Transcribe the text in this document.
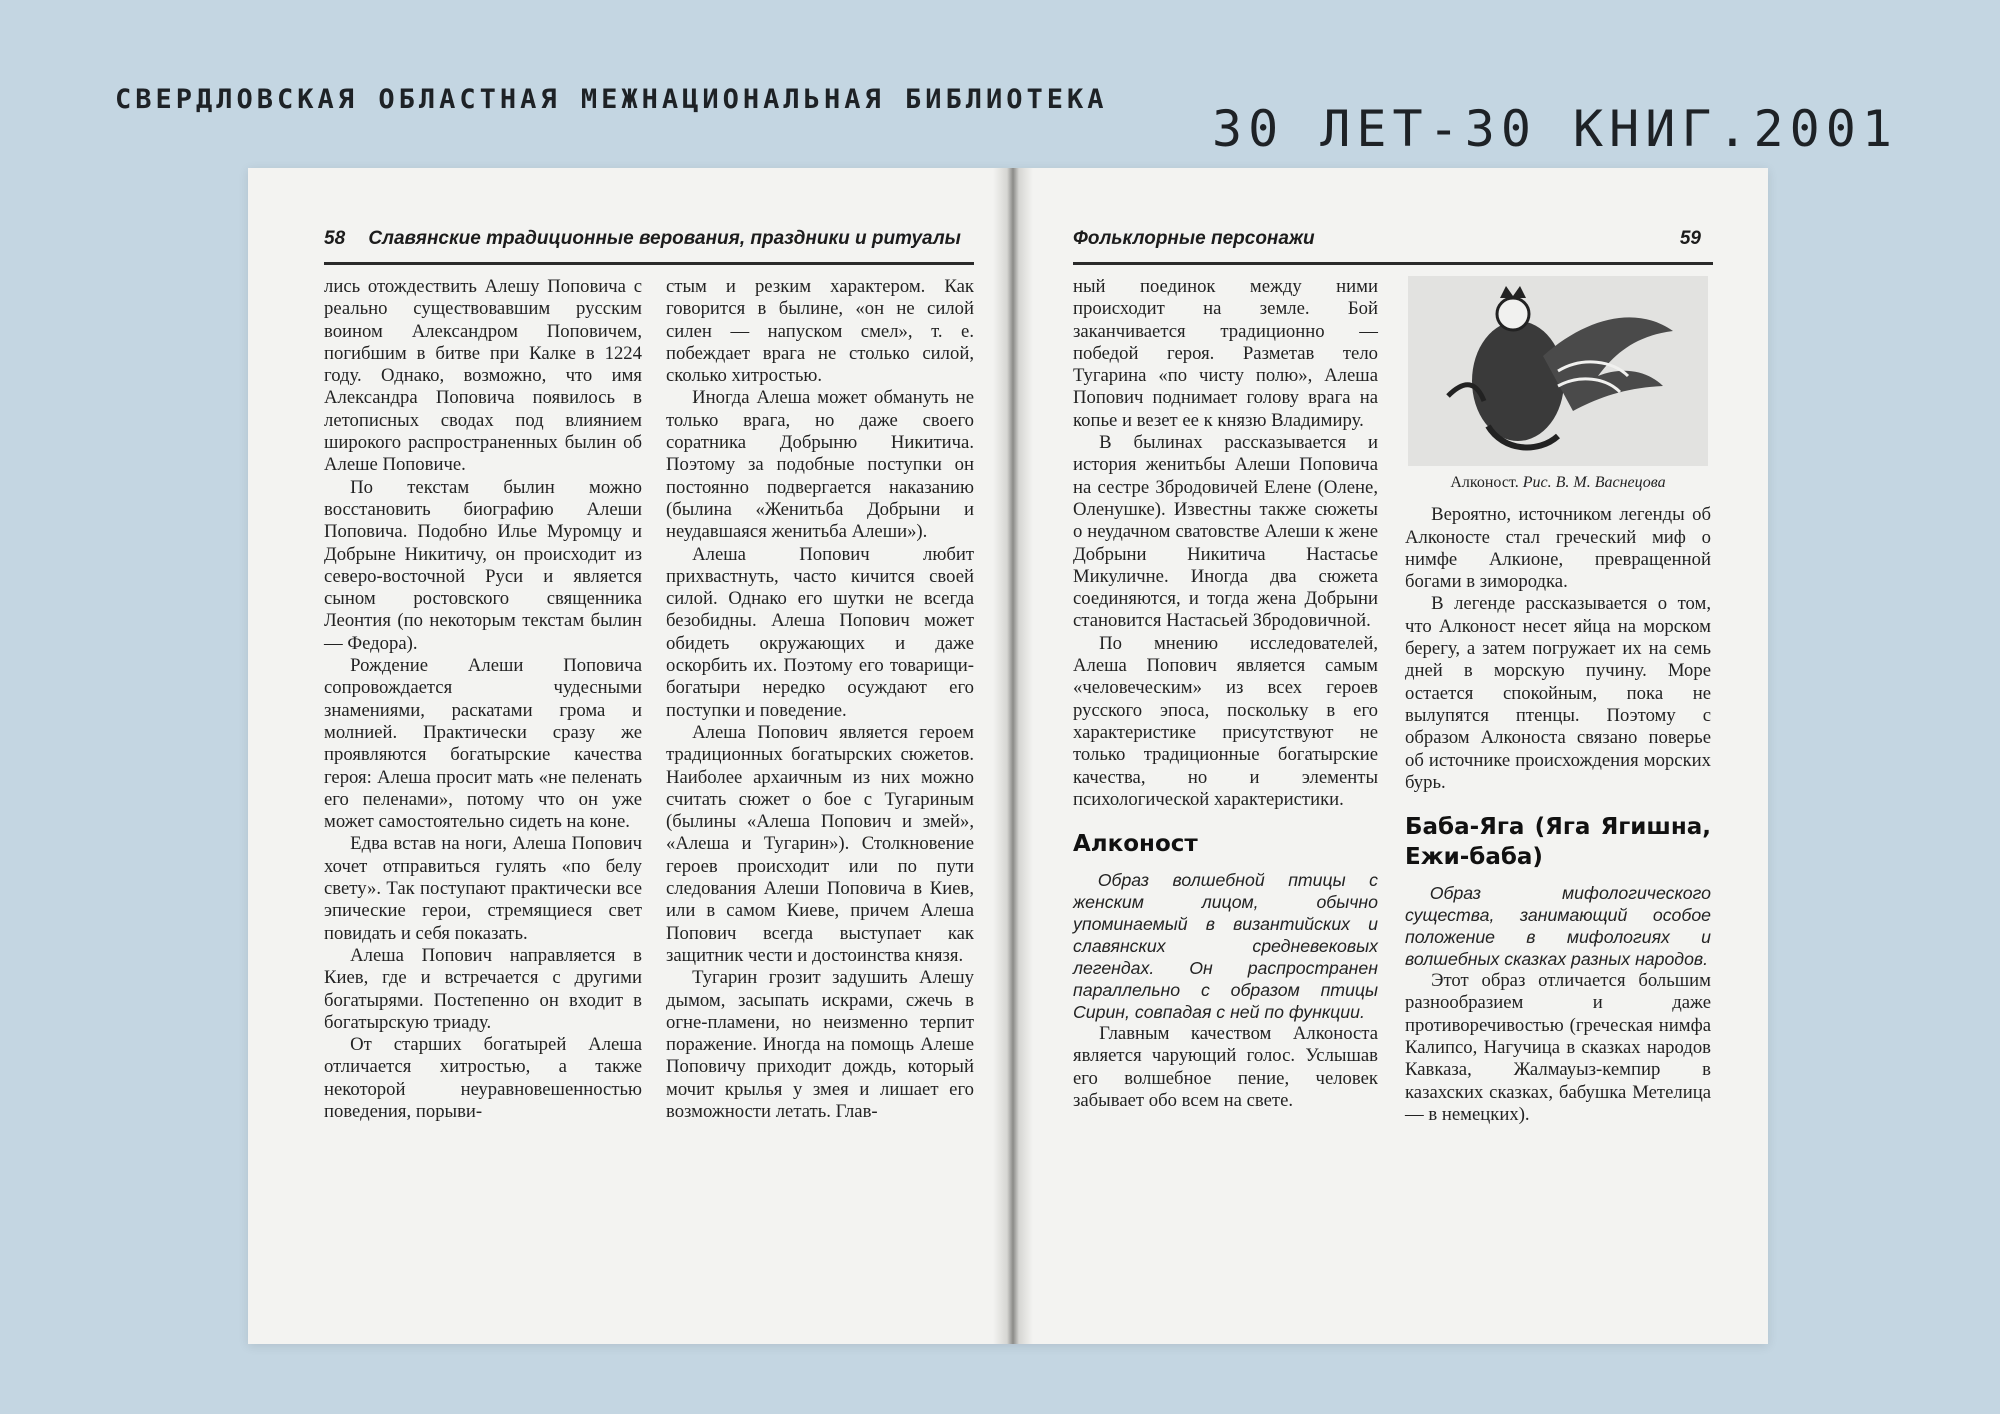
СВЕРДЛОВСКАЯ ОБЛАСТНАЯ МЕЖНАЦИОНАЛЬНАЯ БИБЛИОТЕКА
30 ЛЕТ-30 КНИГ.2001
58 Славянские традиционные верования, праздники и ритуалы

лись отождествить Алешу Поповича с реально существовавшим русским воином Александром Поповичем, погибшим в битве при Калке в 1224 году. Однако, возможно, что имя Александра Поповича появилось в летописных сводах под влиянием широкого распространенных былин об Алеше Поповиче.

По текстам былин можно восстановить биографию Алеши Поповича. Подобно Илье Муромцу и Добрыне Никитичу, он происходит из северо-восточной Руси и является сыном ростовского священника Леонтия (по некоторым текстам былин — Федора).

Рождение Алеши Поповича сопровождается чудесными знамениями, раскатами грома и молнией. Практически сразу же проявляются богатырские качества героя: Алеша просит мать «не пеленать его пеленами», потому что он уже может самостоятельно сидеть на коне.

Едва встав на ноги, Алеша Попович хочет отправиться гулять «по белу свету». Так поступают практически все эпические герои, стремящиеся свет повидать и себя показать.

Алеша Попович направляется в Киев, где и встречается с другими богатырями. Постепенно он входит в богатырскую триаду.

От старших богатырей Алеша отличается хитростью, а также некоторой неуравновешенностью поведения, порыви-

стым и резким характером. Как говорится в былине, «он не силой силен — напуском смел», т. е. побеждает врага не столько силой, сколько хитростью.

Иногда Алеша может обмануть не только врага, но даже своего соратника Добрыню Никитича. Поэтому за подобные поступки он постоянно подвергается наказанию (былина «Женитьба Добрыни и неудавшаяся женитьба Алеши»).

Алеша Попович любит прихвастнуть, часто кичится своей силой. Однако его шутки не всегда безобидны. Алеша Попович может обидеть окружающих и даже оскорбить их. Поэтому его товарищи-богатыри нередко осуждают его поступки и поведение.

Алеша Попович является героем традиционных богатырских сюжетов. Наиболее архаичным из них можно считать сюжет о бое с Тугариным (былины «Алеша Попович и змей», «Алеша и Тугарин»). Столкновение героев происходит или по пути следования Алеши Поповича в Киев, или в самом Киеве, причем Алеша Попович всегда выступает как защитник чести и достоинства князя.

Тугарин грозит задушить Алешу дымом, засыпать искрами, сжечь в огне-пламени, но неизменно терпит поражение. Иногда на помощь Алеше Поповичу приходит дождь, который мочит крылья у змея и лишает его возможности летать. Глав-

Фольклорные персонажи	59

ный поединок между ними происходит на земле. Бой заканчивается традиционно — победой героя. Разметав тело Тугарина «по чисту полю», Алеша Попович поднимает голову врага на копье и везет ее к князю Владимиру.

В былинах рассказывается и история женитьбы Алеши Поповича на сестре Збродовичей Елене (Олене, Оленушке). Известны также сюжеты о неудачном сватовстве Алеши к жене Добрыни Никитича Настасье Микуличне. Иногда два сюжета соединяются, и тогда жена Добрыни становится Настасьей Збродовичной.

По мнению исследователей, Алеша Попович является самым «человеческим» из всех героев русского эпоса, поскольку в его характеристике присутствуют не только традиционные богатырские качества, но и элементы психологической характеристики.

Алконост

Образ волшебной птицы с женским лицом, обычно упоминаемый в византийских и славянских средневековых легендах. Он распространен параллельно с образом птицы Сирин, совпадая с ней по функции.

Главным качеством Алконоста является чарующий голос. Услышав его волшебное пение, человек забывает обо всем на свете.

Алконост. Рис. В. М. Васнецова

Вероятно, источником легенды об Алконосте стал греческий миф о нимфе Алкионе, превращенной богами в зимородка.

В легенде рассказывается о том, что Алконост несет яйца на морском берегу, а затем погружает их на семь дней в морскую пучину. Море остается спокойным, пока не вылупятся птенцы. Поэтому с образом Алконоста связано поверье об источнике происхождения морских бурь.

Баба-Яга (Яга Ягишна, Ежи-баба)

Образ мифологического существа, занимающий особое положение в мифологиях и волшебных сказках разных народов.

Этот образ отличается большим разнообразием и даже противоречивостью (греческая нимфа Калипсо, Нагучица в сказках народов Кавказа, Жалмауыз-кемпир в казахских сказках, бабушка Метелица — в немецких).
